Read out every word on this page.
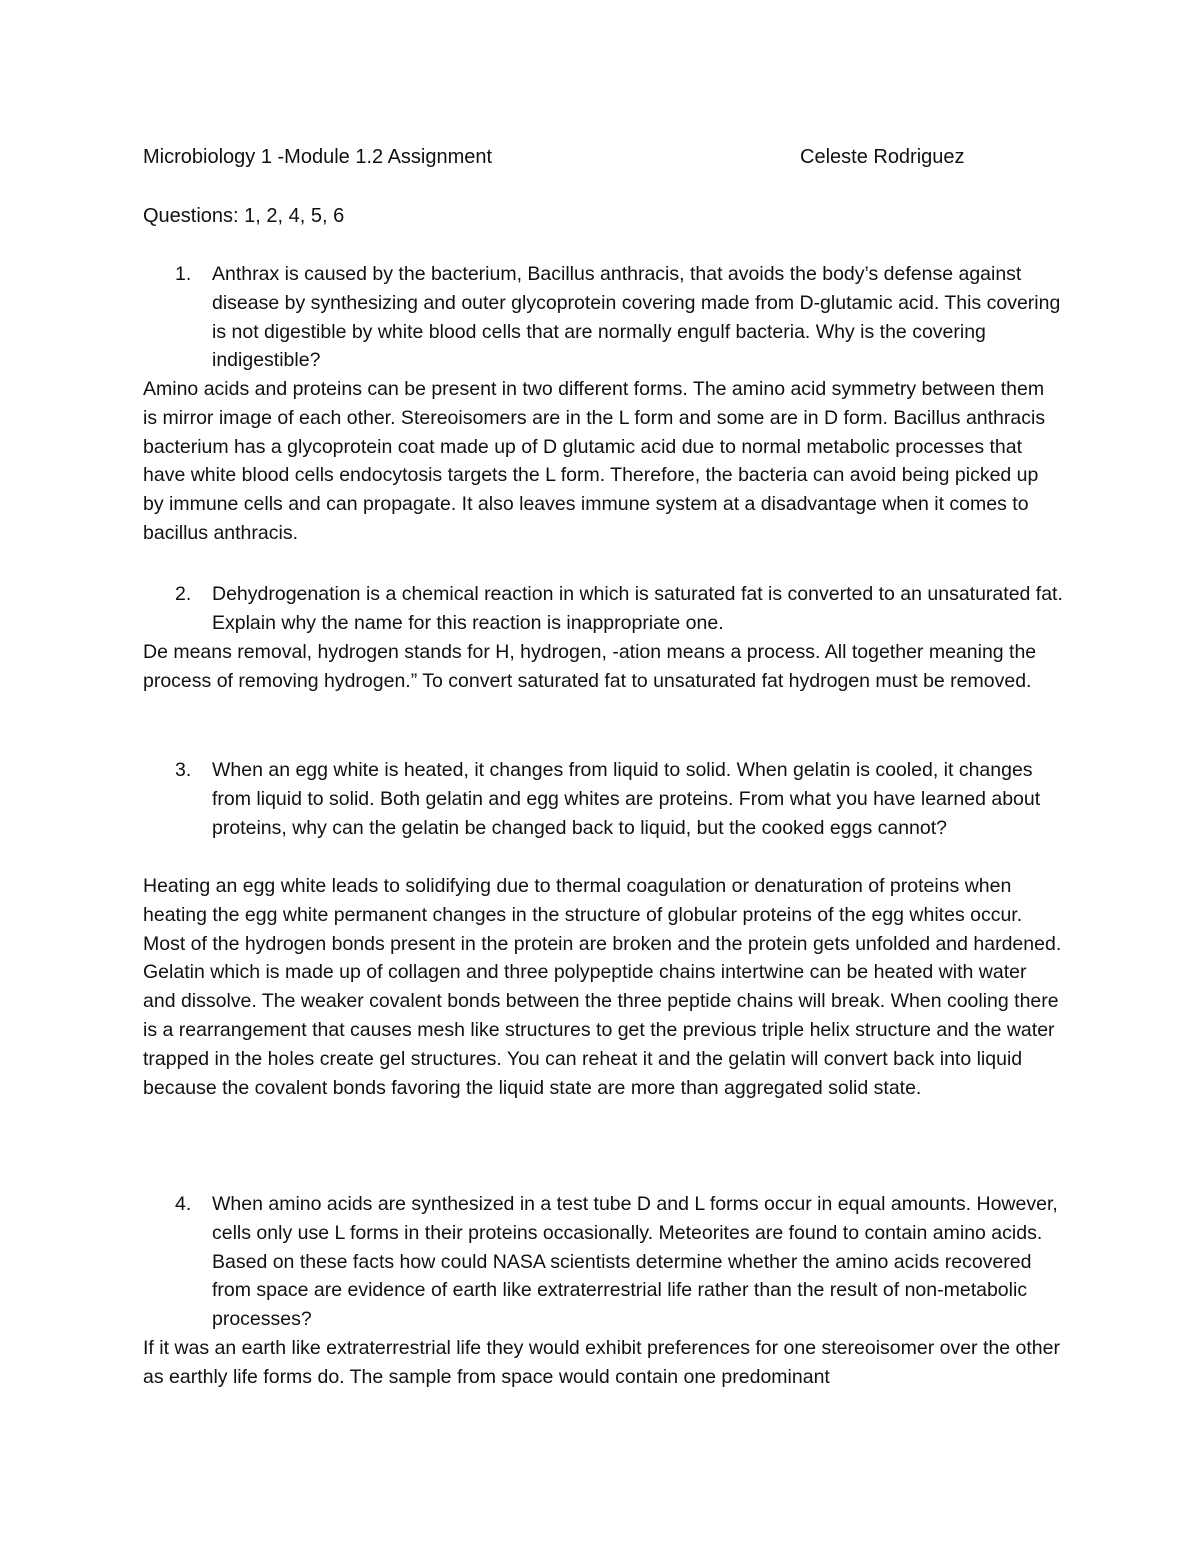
Microbiology 1 -Module 1.2 Assignment	Celeste Rodriguez
Questions: 1, 2, 4, 5, 6
1.	Anthrax is caused by the bacterium, Bacillus anthracis, that avoids the body’s defense against disease by synthesizing and outer glycoprotein covering made from D-glutamic acid. This covering is not digestible by white blood cells that are normally engulf bacteria. Why is the covering indigestible?
Amino acids and proteins can be present in two different forms. The amino acid symmetry between them is mirror image of each other. Stereoisomers are in the L form and some are in D form. Bacillus anthracis bacterium has a glycoprotein coat made up of D glutamic acid due to normal metabolic processes that have white blood cells endocytosis targets the L form. Therefore, the bacteria can avoid being picked up by immune cells and can propagate. It also leaves immune system at a disadvantage when it comes to bacillus anthracis.
2.	Dehydrogenation is a chemical reaction in which is saturated fat is converted to an unsaturated fat. Explain why the name for this reaction is inappropriate one.
De means removal, hydrogen stands for H, hydrogen, -ation means a process. All together meaning the process of removing hydrogen.” To convert saturated fat to unsaturated fat hydrogen must be removed.
3.	When an egg white is heated, it changes from liquid to solid. When gelatin is cooled, it changes from liquid to solid. Both gelatin and egg whites are proteins. From what you have learned about proteins, why can the gelatin be changed back to liquid, but the cooked eggs cannot?
Heating an egg white leads to solidifying due to thermal coagulation or denaturation of proteins when heating the egg white permanent changes in the structure of globular proteins of the egg whites occur. Most of the hydrogen bonds present in the protein are broken and the protein gets unfolded and hardened. Gelatin which is made up of collagen and three polypeptide chains intertwine can be heated with water and dissolve. The weaker covalent bonds between the three peptide chains will break. When cooling there is a rearrangement that causes mesh like structures to get the previous triple helix structure and the water trapped in the holes create gel structures. You can reheat it and the gelatin will convert back into liquid because the covalent bonds favoring the liquid state are more than aggregated solid state.
4.	When amino acids are synthesized in a test tube D and L forms occur in equal amounts. However, cells only use L forms in their proteins occasionally. Meteorites are found to contain amino acids. Based on these facts how could NASA scientists determine whether the amino acids recovered from space are evidence of earth like extraterrestrial life rather than the result of non-metabolic processes?
If it was an earth like extraterrestrial life they would exhibit preferences for one stereoisomer over the other as earthly life forms do. The sample from space would contain one predominant
